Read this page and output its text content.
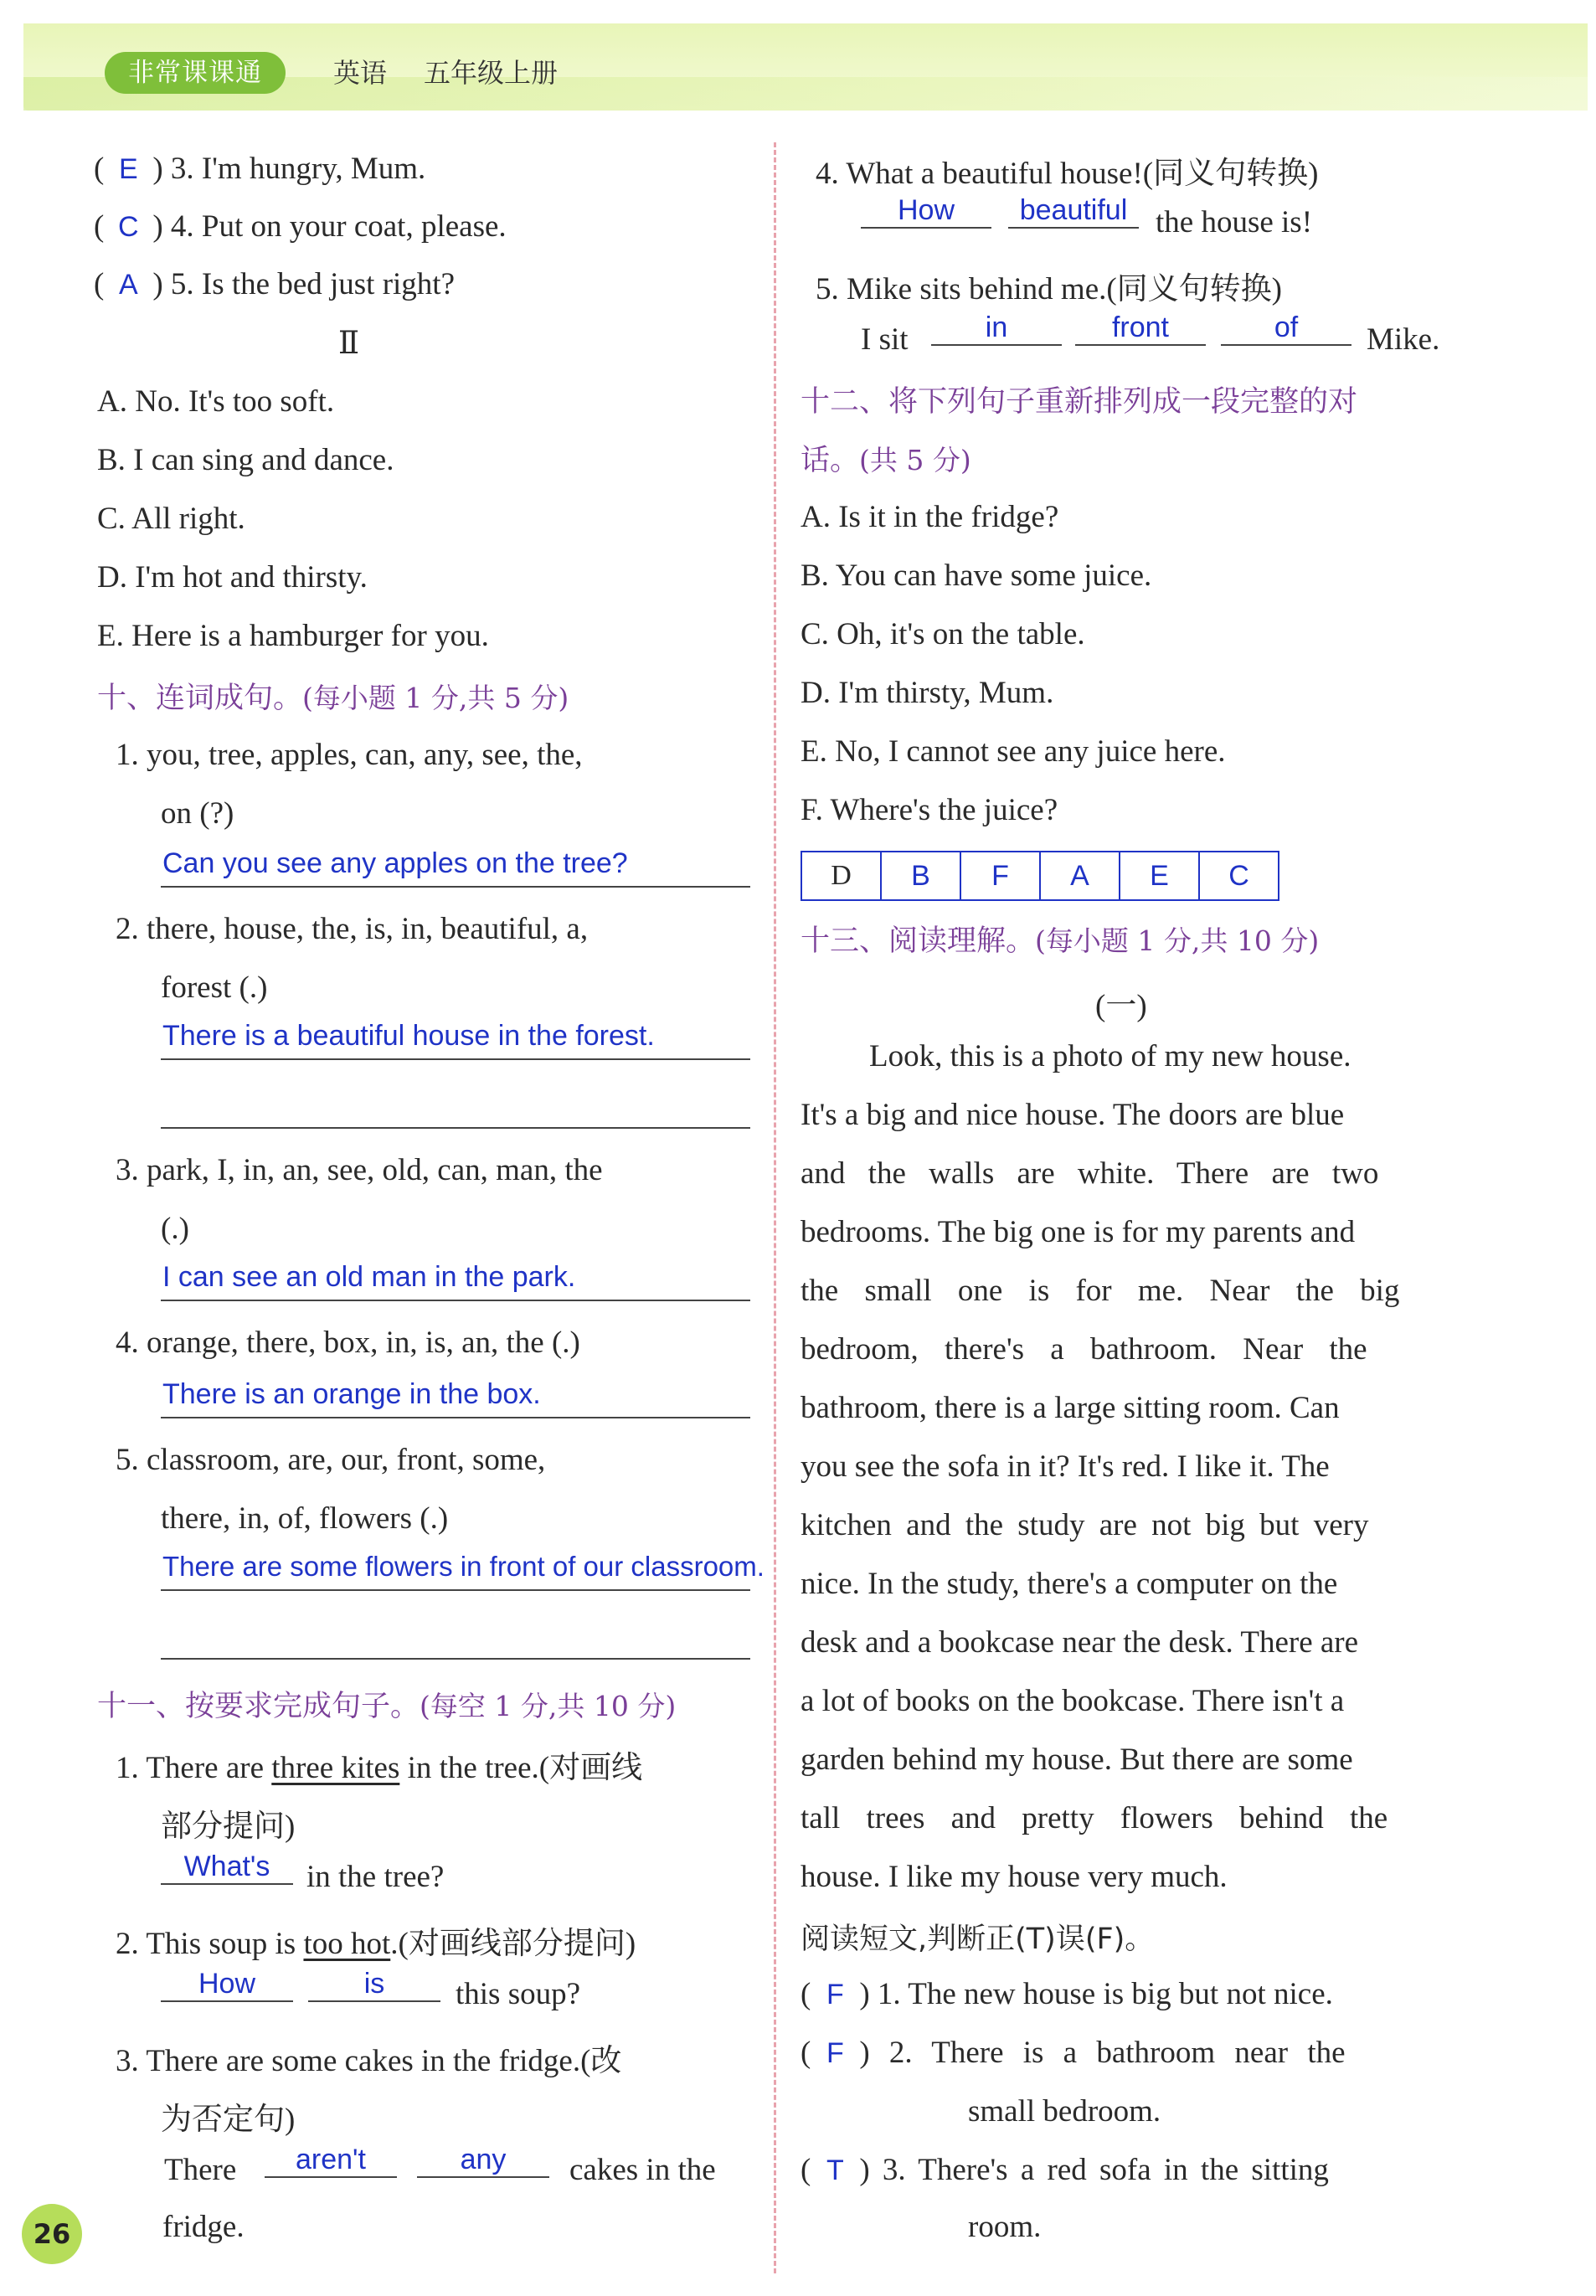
非常课课通	英语 五年级上册
( E ) 3. I'm hungry, Mum.
( C ) 4. Put on your coat, please.
( A ) 5. Is the bed just right?
Ⅱ
A. No. It's too soft.
B. I can sing and dance.
C. All right.
D. I'm hot and thirsty.
E. Here is a hamburger for you.
十、连词成句。(每小题 1 分,共 5 分)
1. you, tree, apples, can, any, see, the,
on (?)
Can you see any apples on the tree?
2. there, house, the, is, in, beautiful, a,
forest (.)
There is a beautiful house in the forest.
3. park, I, in, an, see, old, can, man, the
(.)
I can see an old man in the park.
4. orange, there, box, in, is, an, the (.)
There is an orange in the box.
5. classroom, are, our, front, some,
there, in, of, flowers (.)
There are some flowers in front of our classroom.
十一、按要求完成句子。(每空 1 分,共 10 分)
1. There are three kites in the tree.(对画线
部分提问)
What's	in the tree?
2. This soup is too hot.(对画线部分提问)
How	is	this soup?
3. There are some cakes in the fridge.(改
为否定句)
There	aren't	any	cakes in the
fridge.
26
4. What a beautiful house!(同义句转换)
How	beautiful the house is!
5. Mike sits behind me.(同义句转换)
I sit	in	front	of	Mike.
十二、将下列句子重新排列成一段完整的对
话。(共 5 分)
A. Is it in the fridge?
B. You can have some juice.
C. Oh, it's on the table.
D. I'm thirsty, Mum.
E. No, I cannot see any juice here.
F. Where's the juice?
D	B	F	A	E	C
十三、阅读理解。(每小题 1 分,共 10 分)
(一)
Look, this is a photo of my new house.
It's a big and nice house. The doors are blue
and the walls are white. There are two
bedrooms. The big one is for my parents and
the small one is for me. Near the big
bedroom, there's a bathroom. Near the
bathroom, there is a large sitting room. Can
you see the sofa in it? It's red. I like it. The
kitchen and the study are not big but very
nice. In the study, there's a computer on the
desk and a bookcase near the desk. There are
a lot of books on the bookcase. There isn't a
garden behind my house. But there are some
tall trees and pretty flowers behind the
house. I like my house very much.
阅读短文,判断正(T)误(F)。
( F ) 1. The new house is big but not nice.
( F ) 2. There is a bathroom near the
small bedroom.
( T ) 3. There's a red sofa in the sitting
room.
